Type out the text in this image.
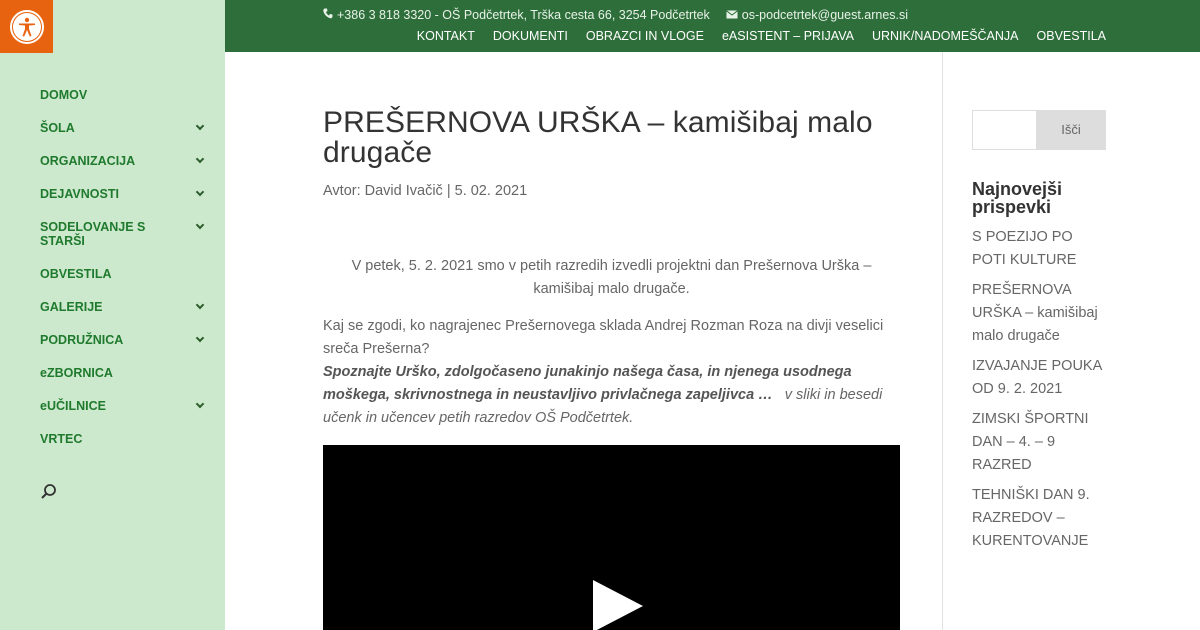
DOMOV
ŠOLA
ORGANIZACIJA
DEJAVNOSTI
SODELOVANJE S STARŠI
OBVESTILA
GALERIJE
PODRUŽNICA
eZBORNICA
eUČILNICE
VRTEC
+386 3 818 3320 - OŠ Podčetrtek, Trška cesta 66, 3254 Podčetrtek	os-podcetrtek@guest.arnes.si
KONTAKT DOKUMENTI OBRAZCI IN VLOGE eASISTENT – PRIJAVA URNIK/NADOMEŠČANJA OBVESTILA
PREŠERNOVA URŠKA – kamišibaj malo drugače
Avtor: David Ivačič | 5. 02. 2021

V petek, 5. 2. 2021 smo v petih razredih izvedli projektni dan Prešernova Urška – kamišibaj malo drugače.

Kaj se zgodi, ko nagrajenec Prešernovega sklada Andrej Rozman Roza na divji veselici sreča Prešerna?
Spoznajte Urško, zdolgočaseno junakinjo našega časa, in njenega usodnega moškega, skrivnostnega in neustavljivo privlačnega zapeljivca … v sliki in besedi učenk in učencev petih razredov OŠ Podčetrtek.

Išči
Najnovejši prispevki
S POEZIJO PO POTI KULTURE
PREŠERNOVA URŠKA – kamišibaj malo drugače
IZVAJANJE POUKA OD 9. 2. 2021
ZIMSKI ŠPORTNI DAN – 4. – 9 RAZRED
TEHNIŠKI DAN 9. RAZREDOV – KURENTOVANJE
